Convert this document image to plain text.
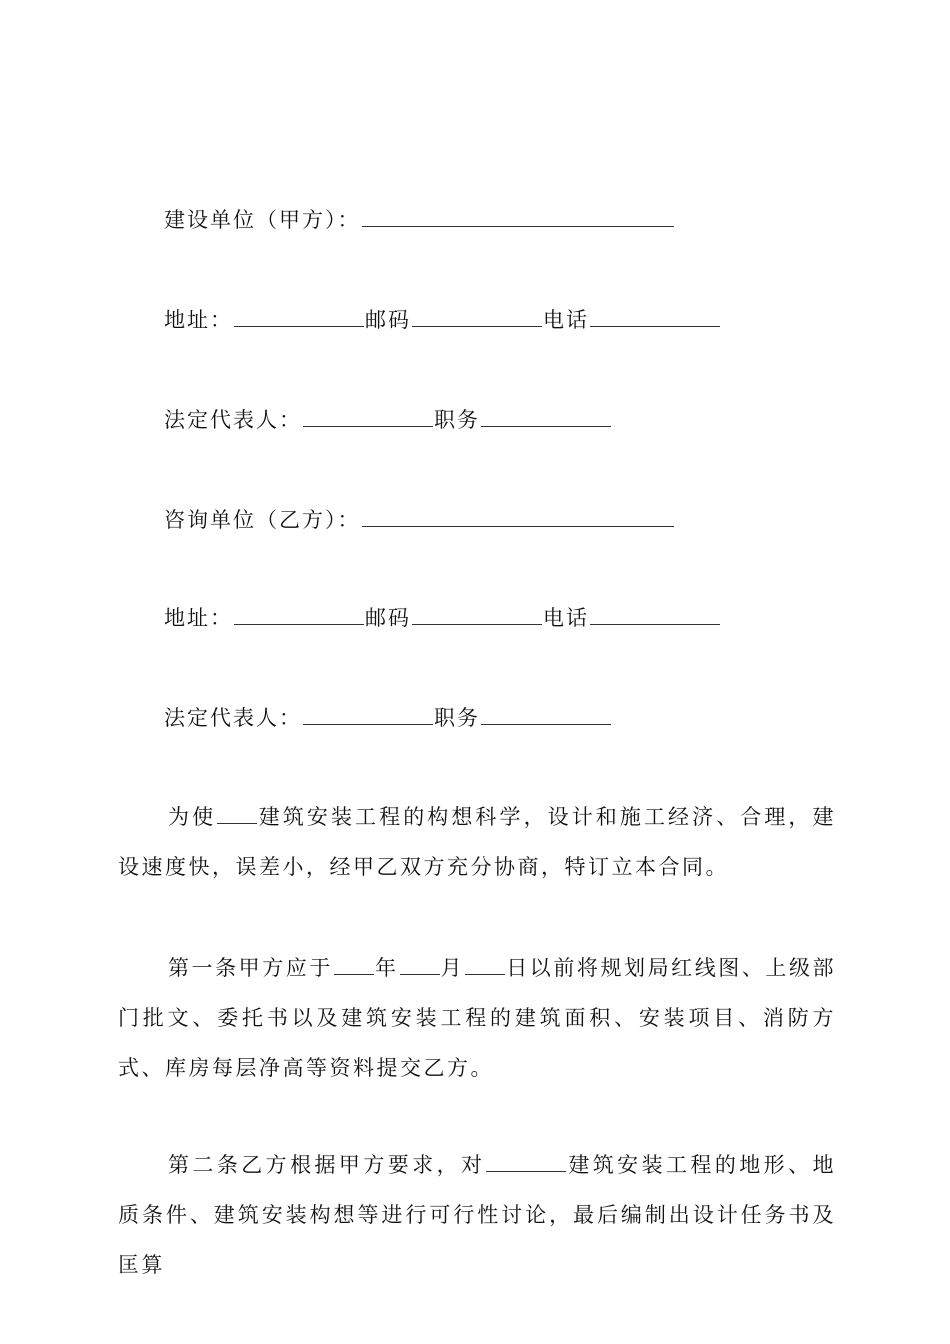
建设单位（甲方）：
地址：	邮码	电话
法定代表人：	职务
咨询单位（乙方）：
地址：	邮码	电话
法定代表人：	职务
为使 建筑安装工程的构想科学，设计和施工经济、合理，建设速度快，误差小，经甲乙双方充分协商，特订立本合同。
第一条甲方应于 年 月 日以前将规划局红线图、上级部门批文、委托书以及建筑安装工程的建筑面积、安装项目、消防方式、库房每层净高等资料提交乙方。
第二条乙方根据甲方要求，对	建筑安装工程的地形、地质条件、建筑安装构想等进行可行性讨论，最后编制出设计任务书及匡算
